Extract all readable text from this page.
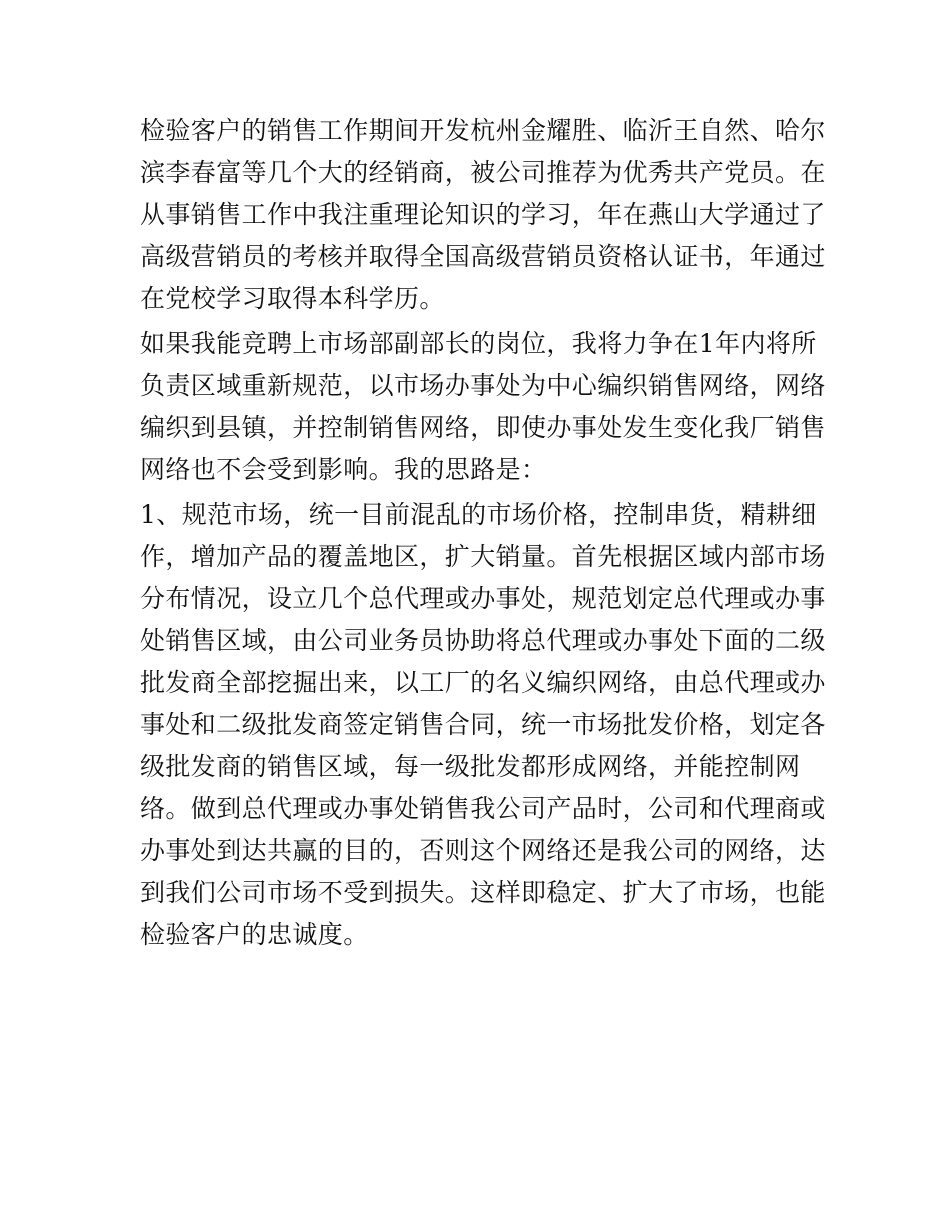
检验客户的销售工作期间开发杭州金耀胜、临沂王自然、哈尔
滨李春富等几个大的经销商，被公司推荐为优秀共产党员。在
从事销售工作中我注重理论知识的学习，年在燕山大学通过了
高级营销员的考核并取得全国高级营销员资格认证书，年通过
在党校学习取得本科学历。
如果我能竞聘上市场部副部长的岗位，我将力争在1年内将所
负责区域重新规范，以市场办事处为中心编织销售网络，网络
编织到县镇，并控制销售网络，即使办事处发生变化我厂销售
网络也不会受到影响。我的思路是：
1、规范市场，统一目前混乱的市场价格，控制串货，精耕细
作，增加产品的覆盖地区，扩大销量。首先根据区域内部市场
分布情况，设立几个总代理或办事处，规范划定总代理或办事
处销售区域，由公司业务员协助将总代理或办事处下面的二级
批发商全部挖掘出来，以工厂的名义编织网络，由总代理或办
事处和二级批发商签定销售合同，统一市场批发价格，划定各
级批发商的销售区域，每一级批发都形成网络，并能控制网
络。做到总代理或办事处销售我公司产品时，公司和代理商或
办事处到达共赢的目的，否则这个网络还是我公司的网络，达
到我们公司市场不受到损失。这样即稳定、扩大了市场，也能
检验客户的忠诚度。
